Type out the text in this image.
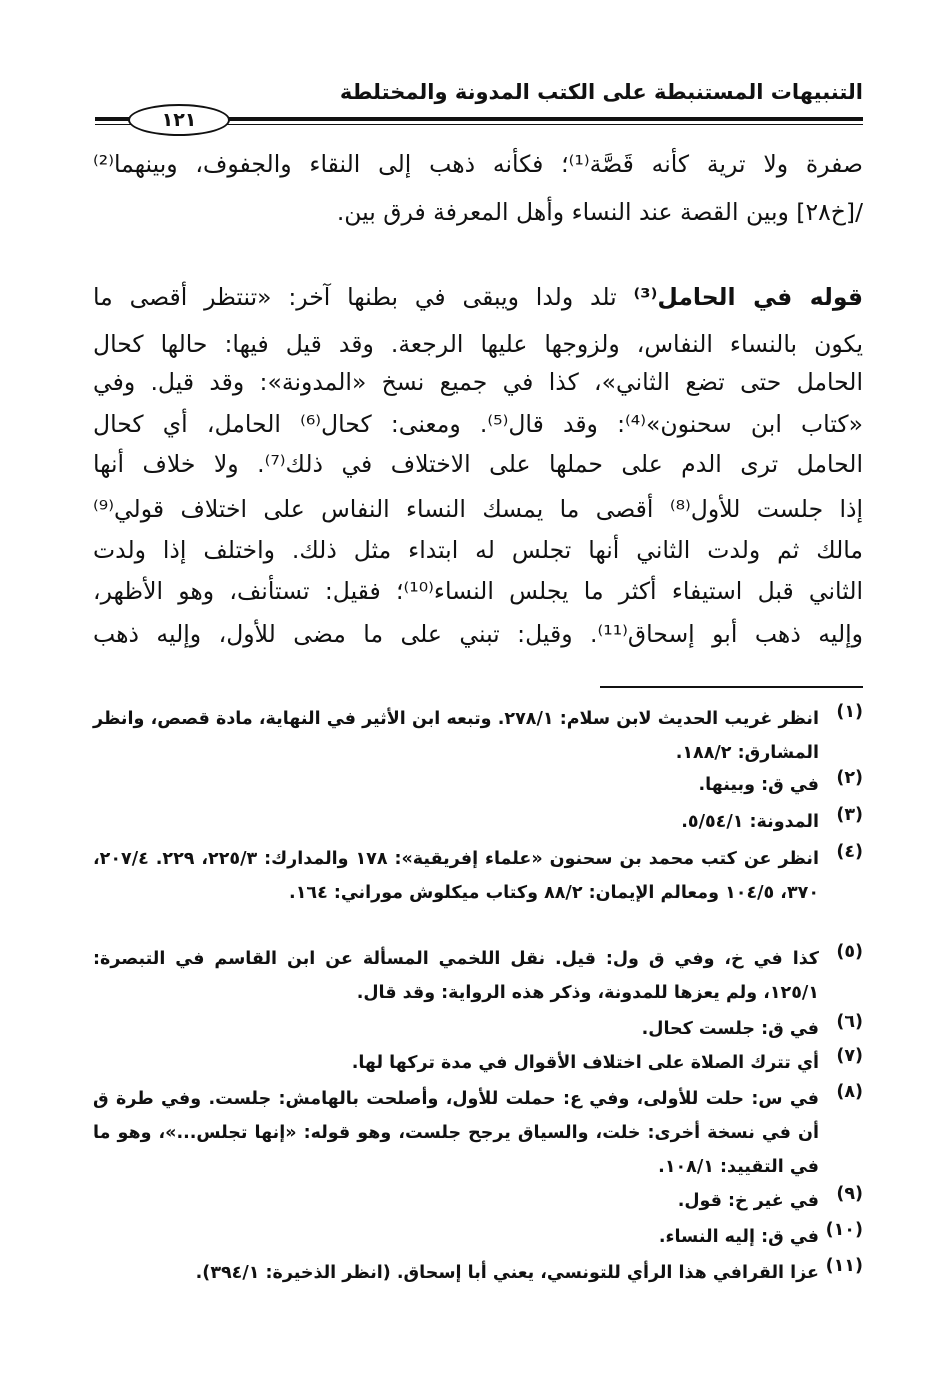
التنبيهات المستنبطة على الكتب المدونة والمختلطة
١٢١
صفرة ولا ترية كأنه قَصَّة⁽¹⁾؛ فكأنه ذهب إلى النقاء والجفوف، وبينهما⁽²⁾
/[خ٢٨] وبين القصة عند النساء وأهل المعرفة فرق بين.
قوله في الحامل⁽³⁾ تلد ولدا ويبقى في بطنها آخر: «تنتظر أقصى ما
يكون بالنساء النفاس، ولزوجها عليها الرجعة. وقد قيل فيها: حالها كحال
الحامل حتى تضع الثاني»، كذا في جميع نسخ «المدونة»: وقد قيل. وفي
«كتاب ابن سحنون»⁽⁴⁾: وقد قال⁽⁵⁾. ومعنى: كحال⁽⁶⁾ الحامل، أي كحال
الحامل ترى الدم على حملها على الاختلاف في ذلك⁽⁷⁾. ولا خلاف أنها
إذا جلست للأول⁽⁸⁾ أقصى ما يمسك النساء النفاس على اختلاف قولي⁽⁹⁾
مالك ثم ولدت الثاني أنها تجلس له ابتداء مثل ذلك. واختلف إذا ولدت
الثاني قبل استيفاء أكثر ما يجلس النساء⁽¹⁰⁾؛ فقيل: تستأنف، وهو الأظهر،
وإليه ذهب أبو إسحاق⁽¹¹⁾. وقيل: تبني على ما مضى للأول، وإليه ذهب
(١)
انظر غريب الحديث لابن سلام: ٢٧٨/١. وتبعه ابن الأثير في النهاية، مادة قصص، وانظر المشارق: ١٨٨/٢.
(٢)
في ق: وبينها.
(٣)
المدونة: ٥/٥٤/١.
(٤)
انظر عن كتب محمد بن سحنون «علماء إفريقية»: ١٧٨ والمدارك: ٢٢٥/٣، ٢٢٩. ٢٠٧/٤، ٣٧٠، ١٠٤/٥ ومعالم الإيمان: ٨٨/٢ وكتاب ميكلوش موراني: ١٦٤.
(٥)
كذا في خ، وفي ق ول: قيل. نقل اللخمي المسألة عن ابن القاسم في التبصرة: ١٢٥/١، ولم يعزها للمدونة، وذكر هذه الرواية: وقد قال.
(٦)
في ق: جلست كحال.
(٧)
أي تترك الصلاة على اختلاف الأقوال في مدة تركها لها.
(٨)
في س: حلت للأولى، وفي ع: حملت للأول، وأصلحت بالهامش: جلست. وفي طرة ق أن في نسخة أخرى: خلت، والسياق يرجح جلست، وهو قوله: «إنها تجلس...»، وهو ما في التقييد: ١٠٨/١.
(٩)
في غير خ: قول.
(١٠)
في ق: إليه النساء.
(١١)
عزا القرافي هذا الرأي للتونسي، يعني أبا إسحاق. (انظر الذخيرة: ٣٩٤/١).
